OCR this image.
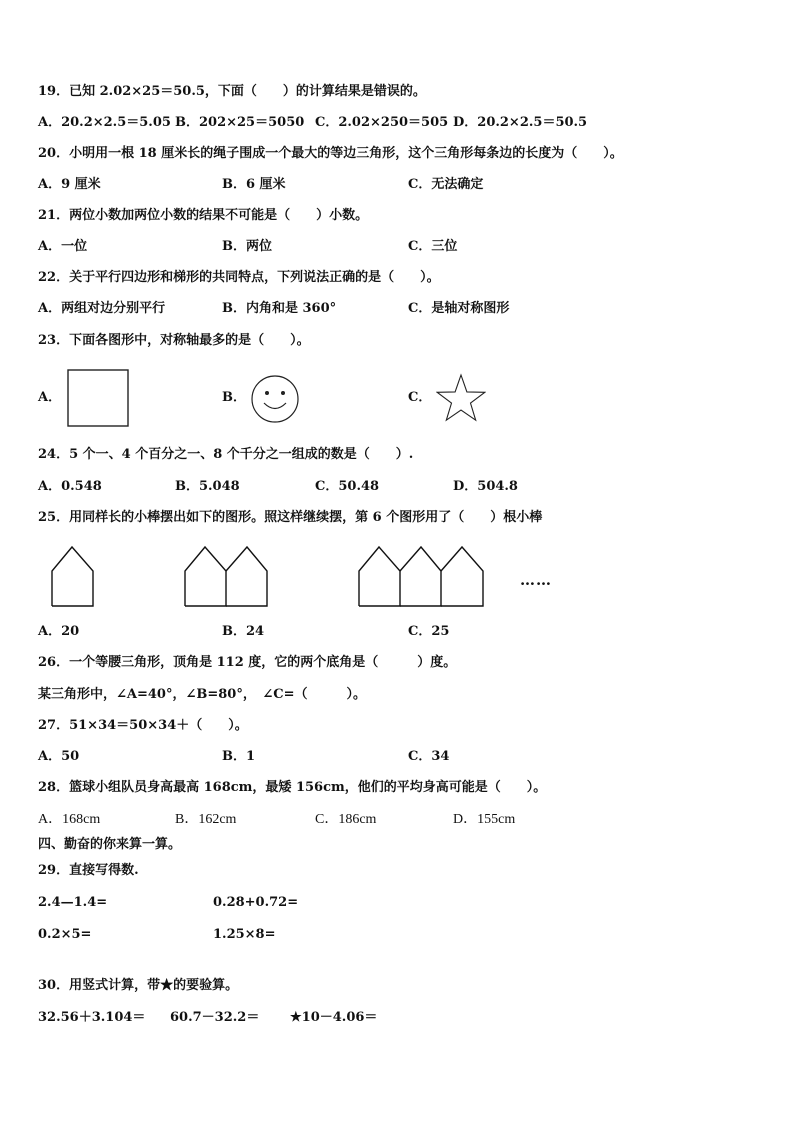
19．已知 2.02×25＝50.5，下面（　　）的计算结果是错误的。
A．20.2×2.5＝5.05 B．202×25＝5050 C．2.02×250＝505 D．20.2×2.5＝50.5
20．小明用一根 18 厘米长的绳子围成一个最大的等边三角形，这个三角形每条边的长度为（　　）。
A．9 厘米	B．6 厘米	C．无法确定
21．两位小数加两位小数的结果不可能是（　　）小数。
A．一位	B．两位	C．三位
22．关于平行四边形和梯形的共同特点，下列说法正确的是（　　）。
A．两组对边分别平行	B．内角和是 360°	C．是轴对称图形
23．下面各图形中，对称轴最多的是（　　）。
A．	B．	C．
24．5 个一、4 个百分之一、8 个千分之一组成的数是（　　）.
A．0.548	B．5.048	C．50.48	D．504.8
25．用同样长的小棒摆出如下的图形。照这样继续摆，第 6 个图形用了（　　）根小棒
……
A．20	B．24	C．25
26．一个等腰三角形，顶角是 112 度，它的两个底角是（　　　）度。
某三角形中，∠A=40°，∠B=80°，　∠C=（　　　）。
27．51×34＝50×34＋（　　）。
A．50	B．1	C．34
28．篮球小组队员身高最高 168cm，最矮 156cm，他们的平均身高可能是（　　）。
A．168cm	B．162cm	C．186cm	D．155cm
四、勤奋的你来算一算。
29．直接写得数.
2.4—1.4=	0.28+0.72=
0.2×5=	1.25×8=
30．用竖式计算，带★的要验算。
32.56＋3.104＝ 60.7－32.2＝ ★10－4.06＝
